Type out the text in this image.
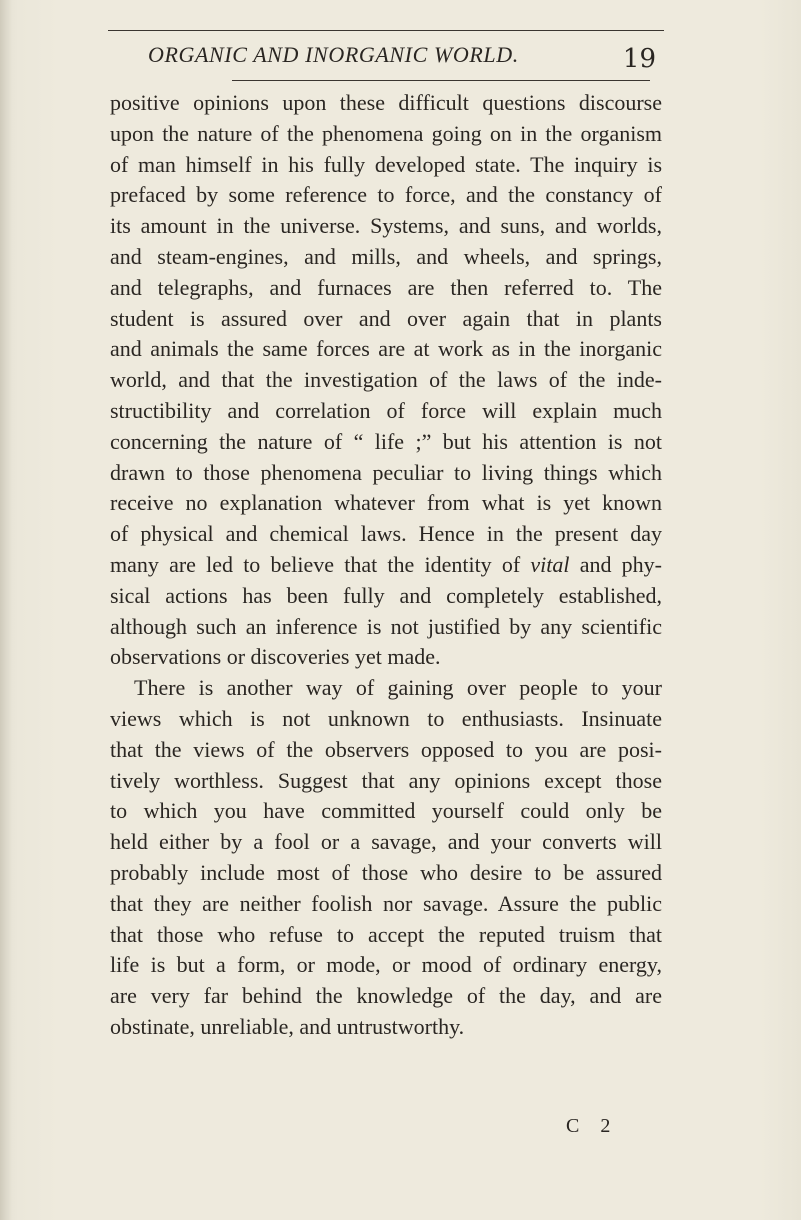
ORGANIC AND INORGANIC WORLD.	19
positive opinions upon these difficult questions discourse
upon the nature of the phenomena going on in the organism
of man himself in his fully developed state. The inquiry is
prefaced by some reference to force, and the constancy of
its amount in the universe. Systems, and suns, and worlds,
and steam-engines, and mills, and wheels, and springs,
and telegraphs, and furnaces are then referred to. The
student is assured over and over again that in plants
and animals the same forces are at work as in the inorganic
world, and that the investigation of the laws of the inde-
structibility and correlation of force will explain much
concerning the nature of “ life ;” but his attention is not
drawn to those phenomena peculiar to living things which
receive no explanation whatever from what is yet known
of physical and chemical laws. Hence in the present day
many are led to believe that the identity of vital and phy-
sical actions has been fully and completely established,
although such an inference is not justified by any scientific
observations or discoveries yet made.
There is another way of gaining over people to your
views which is not unknown to enthusiasts. Insinuate
that the views of the observers opposed to you are posi-
tively worthless. Suggest that any opinions except those
to which you have committed yourself could only be
held either by a fool or a savage, and your converts will
probably include most of those who desire to be assured
that they are neither foolish nor savage. Assure the public
that those who refuse to accept the reputed truism that
life is but a form, or mode, or mood of ordinary energy,
are very far behind the knowledge of the day, and are
obstinate, unreliable, and untrustworthy.
C 2
